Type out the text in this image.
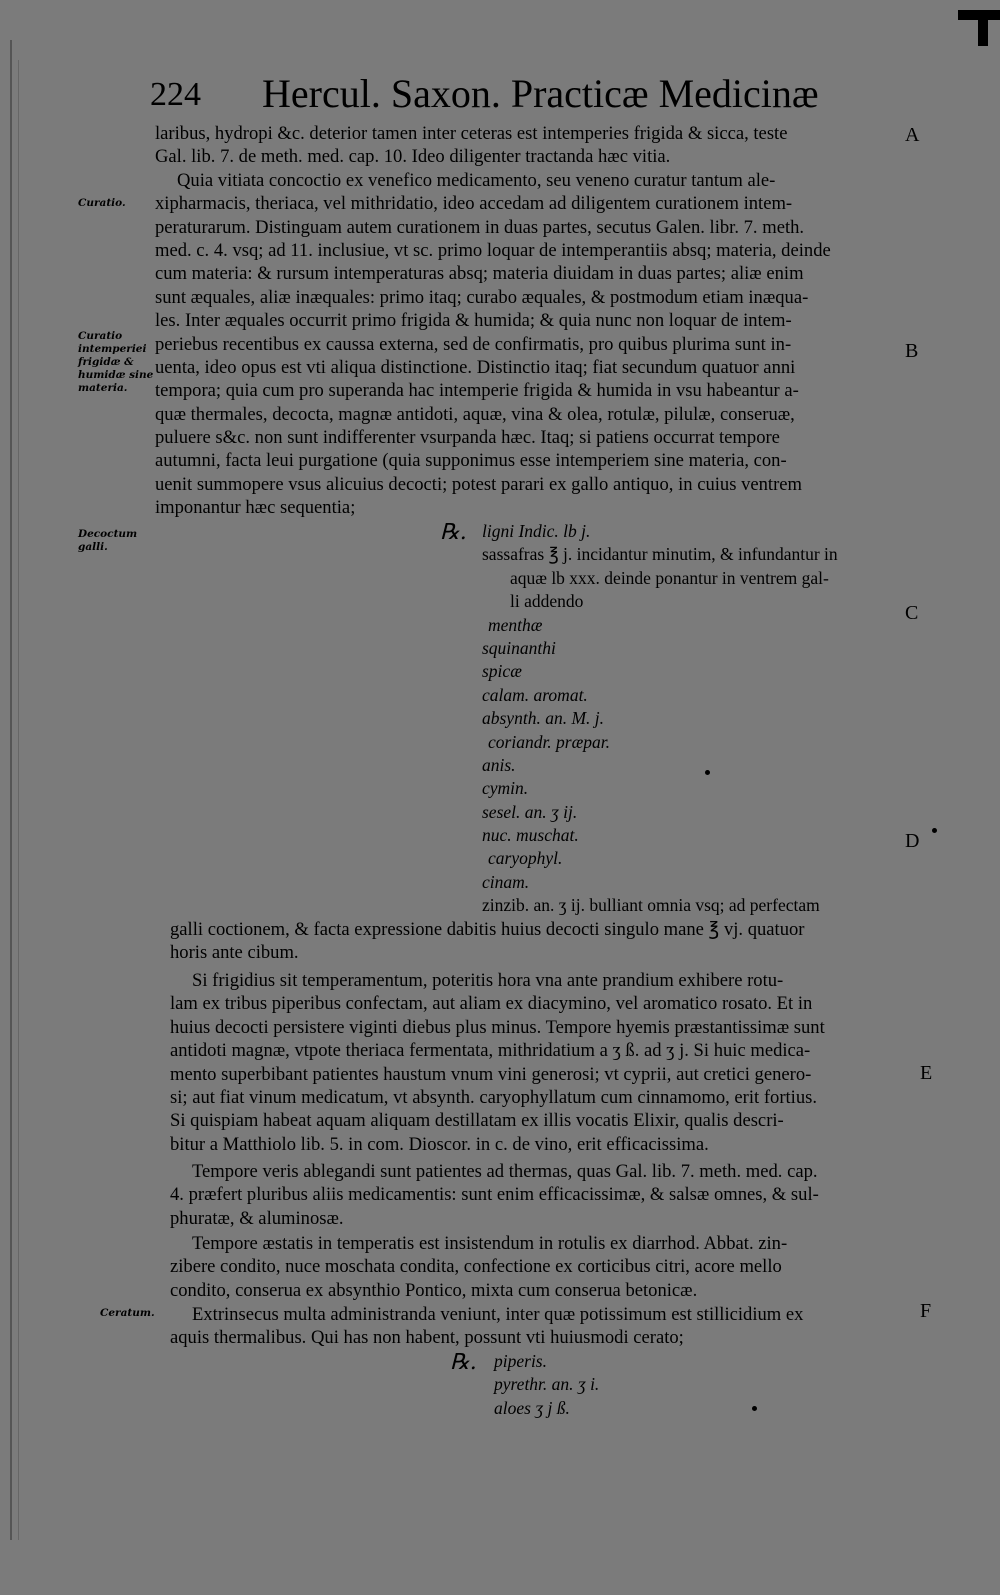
224 Hercul. Saxon. Practicæ Medicinæ
A
B
C
D
E
F
Curatio.
Curatio intemperiei frigidæ & humidæ sine materia.
Decoctum galli.
Ceratum.
laribus, hydropi &c. deterior tamen inter ceteras est intemperies frigida & sicca, teste
Gal. lib. 7. de meth. med. cap. 10. Ideo diligenter tractanda hæc vitia.
Quia vitiata concoctio ex venefico medicamento, seu veneno curatur tantum ale-
xipharmacis, theriaca, vel mithridatio, ideo accedam ad diligentem curationem intem-
peraturarum. Distinguam autem curationem in duas partes, secutus Galen. libr. 7. meth.
med. c. 4. vsq; ad 11. inclusiue, vt sc. primo loquar de intemperantiis absq; materia, deinde
cum materia: & rursum intemperaturas absq; materia diuidam in duas partes; aliæ enim
sunt æquales, aliæ inæquales: primo itaq; curabo æquales, & postmodum etiam inæqua-
les. Inter æquales occurrit primo frigida & humida; & quia nunc non loquar de intem-
periebus recentibus ex caussa externa, sed de confirmatis, pro quibus plurima sunt in-
uenta, ideo opus est vti aliqua distinctione. Distinctio itaq; fiat secundum quatuor anni
tempora; quia cum pro superanda hac intemperie frigida & humida in vsu habeantur a-
quæ thermales, decocta, magnæ antidoti, aquæ, vina & olea, rotulæ, pilulæ, conseruæ,
puluere s&c. non sunt indifferenter vsurpanda hæc. Itaq; si patiens occurrat tempore
autumni, facta leui purgatione (quia supponimus esse intemperiem sine materia, con-
uenit summopere vsus alicuius decocti; potest parari ex gallo antiquo, in cuius ventrem
imponantur hæc sequentia;
℞. ligni Indic. lb j.
sassafras ℥ j. incidantur minutim, & infundantur in
aquæ lb xxx. deinde ponantur in ventrem gal-
li addendo
menthæ
squinanthi
spicæ
calam. aromat.
absynth. an. M. j.
coriandr. præpar.
anis.
cymin.
sesel. an. ʒ ij.
nuc. muschat.
caryophyl.
cinam.
zinzib. an. ʒ ij. bulliant omnia vsq; ad perfectam
galli coctionem, & facta expressione dabitis huius decocti singulo mane ℥ vj. quatuor
horis ante cibum.
Si frigidius sit temperamentum, poteritis hora vna ante prandium exhibere rotu-
lam ex tribus piperibus confectam, aut aliam ex diacymino, vel aromatico rosato. Et in
huius decocti persistere viginti diebus plus minus. Tempore hyemis præstantissimæ sunt
antidoti magnæ, vtpote theriaca fermentata, mithridatium a ʒ ß. ad ʒ j. Si huic medica-
mento superbibant patientes haustum vnum vini generosi; vt cyprii, aut cretici genero-
si; aut fiat vinum medicatum, vt absynth. caryophyllatum cum cinnamomo, erit fortius.
Si quispiam habeat aquam aliquam destillatam ex illis vocatis Elixir, qualis descri-
bitur a Matthiolo lib. 5. in com. Dioscor. in c. de vino, erit efficacissima.
Tempore veris ablegandi sunt patientes ad thermas, quas Gal. lib. 7. meth. med. cap.
4. præfert pluribus aliis medicamentis: sunt enim efficacissimæ, & salsæ omnes, & sul-
phuratæ, & aluminosæ.
Tempore æstatis in temperatis est insistendum in rotulis ex diarrhod. Abbat. zin-
zibere condito, nuce moschata condita, confectione ex corticibus citri, acore mello
condito, conserua ex absynthio Pontico, mixta cum conserua betonicæ.
Extrinsecus multa administranda veniunt, inter quæ potissimum est stillicidium ex
aquis thermalibus. Qui has non habent, possunt vti huiusmodi cerato;
℞. piperis.
pyrethr. an. ʒ i.
aloes ʒ j ß.
